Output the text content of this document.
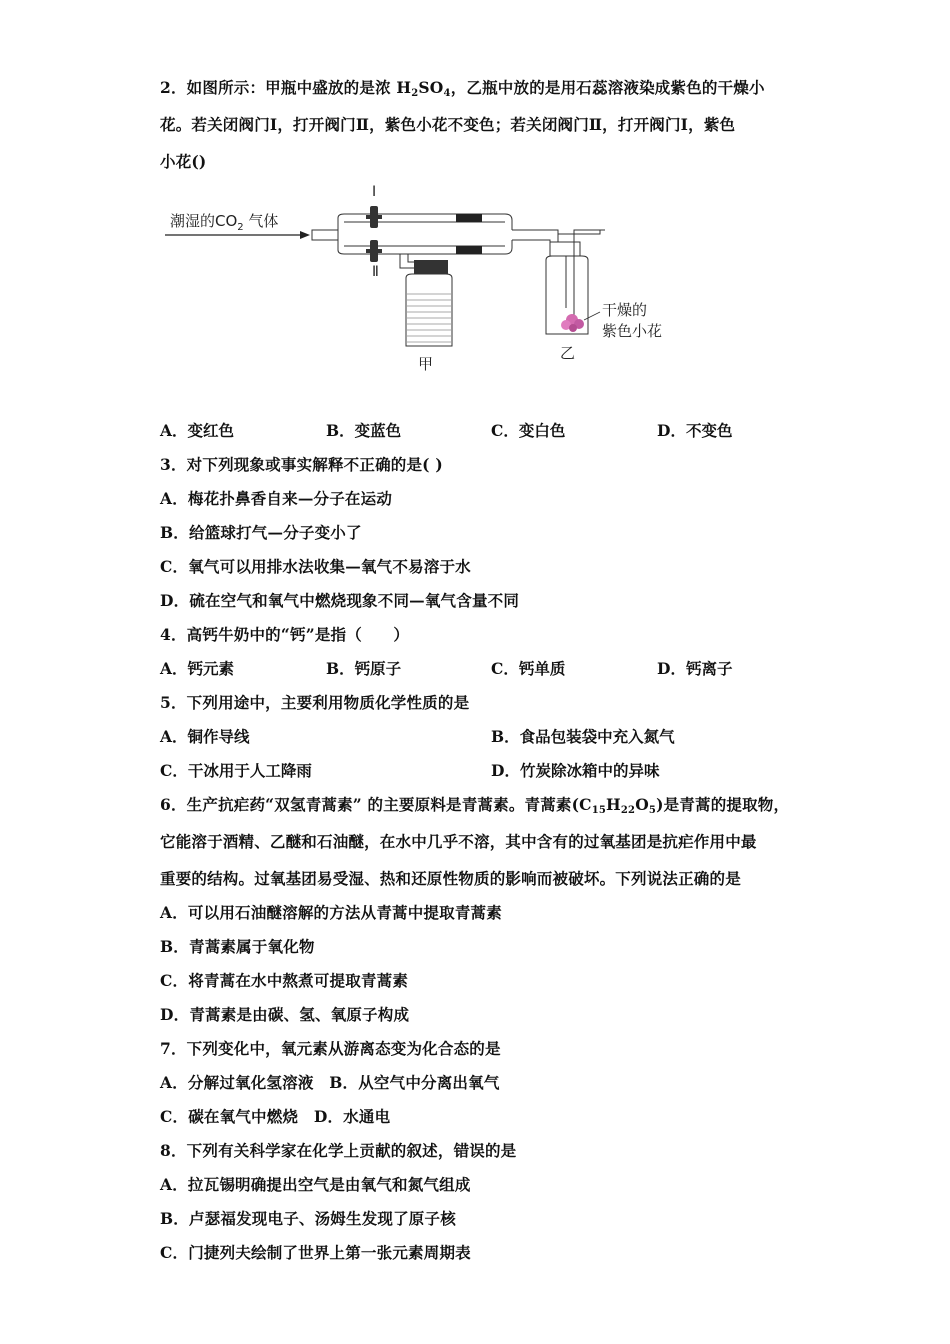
2．如图所示：甲瓶中盛放的是浓 $H_2SO_4$，乙瓶中放的是用石蕊溶液染成紫色的干燥小
花。若关闭阀门Ⅰ，打开阀门Ⅱ，紫色小花不变色；若关闭阀门Ⅱ，打开阀门Ⅰ，紫色
小花()
潮湿的$CO_2$ 气体
Ⅰ
Ⅱ
甲
干燥的
紫色小花
乙
A．变红色	B．变蓝色	C．变白色	D．不变色
3．对下列现象或事实解释不正确的是( )
A．梅花扑鼻香自来—分子在运动
B．给篮球打气—分子变小了
C．氧气可以用排水法收集—氧气不易溶于水
D．硫在空气和氧气中燃烧现象不同—氧气含量不同
4．高钙牛奶中的“钙”是指（　　）
A．钙元素	B．钙原子	C．钙单质	D．钙离子
5．下列用途中，主要利用物质化学性质的是
A．铜作导线	B．食品包装袋中充入氮气
C．干冰用于人工降雨	D．竹炭除冰箱中的异味
6．生产抗疟药“双氢青蒿素” 的主要原料是青蒿素。青蒿素$(C_{15}H_{22}O_5)$是青蒿的提取物，
它能溶于酒精、乙醚和石油醚，在水中几乎不溶，其中含有的过氧基团是抗疟作用中最
重要的结构。过氧基团易受湿、热和还原性物质的影响而被破坏。下列说法正确的是
A．可以用石油醚溶解的方法从青蒿中提取青蒿素
B．青蒿素属于氧化物
C．将青蒿在水中熬煮可提取青蒿素
D．青蒿素是由碳、氢、氧原子构成
7．下列变化中，氧元素从游离态变为化合态的是
A．分解过氧化氢溶液　B．从空气中分离出氧气
C．碳在氧气中燃烧　D．水通电
8．下列有关科学家在化学上贡献的叙述，错误的是
A．拉瓦锡明确提出空气是由氧气和氮气组成
B．卢瑟福发现电子、汤姆生发现了原子核
C．门捷列夫绘制了世界上第一张元素周期表
